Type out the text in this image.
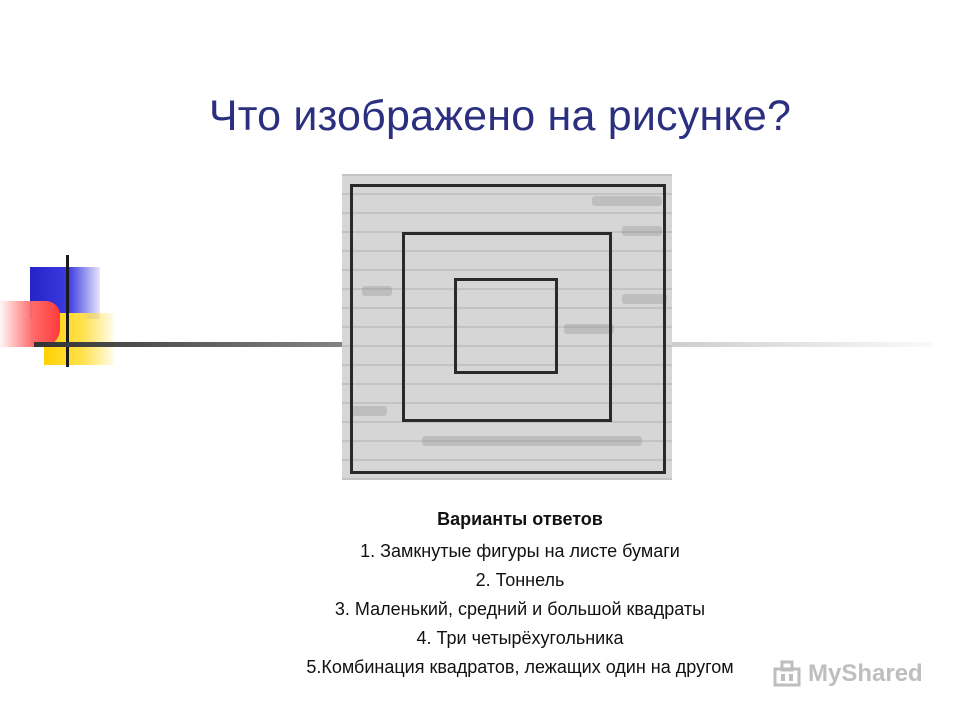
Что изображено на рисунке?

Варианты ответов

1. Замкнутые фигуры на листе бумаги

2. Тоннель

3. Маленький, средний и большой квадраты

4. Три четырёхугольника

5.Комбинация квадратов, лежащих один на другом	MyShared
